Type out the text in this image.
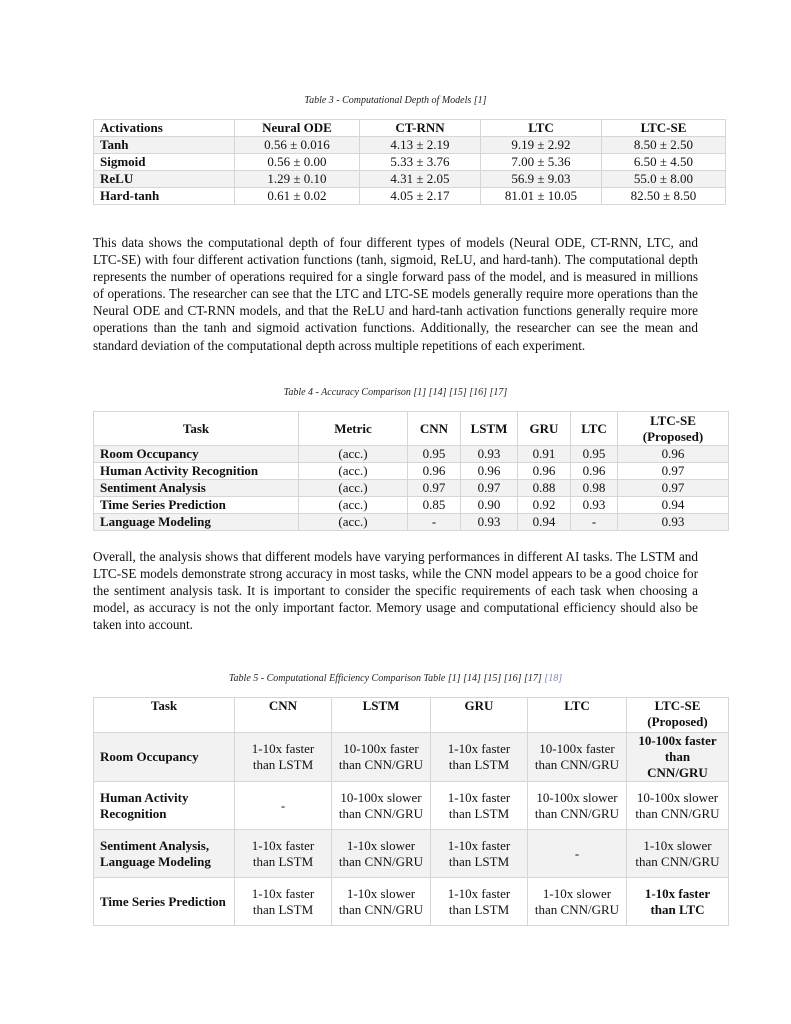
Table 3 - Computational Depth of Models [1]
Activations	Neural ODE	CT-RNN	LTC	LTC-SE
Tanh	0.56 ± 0.016	4.13 ± 2.19	9.19 ± 2.92	8.50 ± 2.50
Sigmoid	0.56 ± 0.00	5.33 ± 3.76	7.00 ± 5.36	6.50 ± 4.50
ReLU	1.29 ± 0.10	4.31 ± 2.05	56.9 ± 9.03	55.0 ± 8.00
Hard-tanh	0.61 ± 0.02	4.05 ± 2.17	81.01 ± 10.05	82.50 ± 8.50

This data shows the computational depth of four different types of models (Neural ODE, CT-RNN, LTC, and LTC-SE) with four different activation functions (tanh, sigmoid, ReLU, and hard-tanh). The computational depth represents the number of operations required for a single forward pass of the model, and is measured in millions of operations. The researcher can see that the LTC and LTC-SE models generally require more operations than the Neural ODE and CT-RNN models, and that the ReLU and hard-tanh activation functions generally require more operations than the tanh and sigmoid activation functions. Additionally, the researcher can see the mean and standard deviation of the computational depth across multiple repetitions of each experiment.

Table 4 - Accuracy Comparison [1] [14] [15] [16] [17]
Task	Metric	CNN	LSTM	GRU	LTC	LTC-SE
(Proposed)

Room Occupancy	(acc.)	0.95	0.93	0.91	0.95	0.96
Human Activity Recognition	(acc.)	0.96	0.96	0.96	0.96	0.97
Sentiment Analysis	(acc.)	0.97	0.97	0.88	0.98	0.97
Time Series Prediction	(acc.)	0.85	0.90	0.92	0.93	0.94
Language Modeling	(acc.)	-	0.93	0.94	-	0.93

Overall, the analysis shows that different models have varying performances in different AI tasks. The LSTM and LTC-SE models demonstrate strong accuracy in most tasks, while the CNN model appears to be a good choice for the sentiment analysis task. It is important to consider the specific requirements of each task when choosing a model, as accuracy is not the only important factor. Memory usage and computational efficiency should also be taken into account.

Table 5 - Computational Efficiency Comparison Table [1] [14] [15] [16] [17] [18]
Task	CNN	LSTM	GRU	LTC	LTC-SE
(Proposed)

Room Occupancy	1-10x faster than LSTM	10-100x faster than CNN/GRU	1-10x faster than LSTM	10-100x faster than CNN/GRU	10-100x faster than CNN/GRU
Human Activity Recognition	-	10-100x slower than CNN/GRU	1-10x faster than LSTM	10-100x slower than CNN/GRU	10-100x slower than CNN/GRU
Sentiment Analysis, Language Modeling	1-10x faster than LSTM	1-10x slower than CNN/GRU	1-10x faster than LSTM	-	1-10x slower than CNN/GRU
Time Series Prediction	1-10x faster than LSTM	1-10x slower than CNN/GRU	1-10x faster than LSTM	1-10x slower than CNN/GRU	1-10x faster than LTC
